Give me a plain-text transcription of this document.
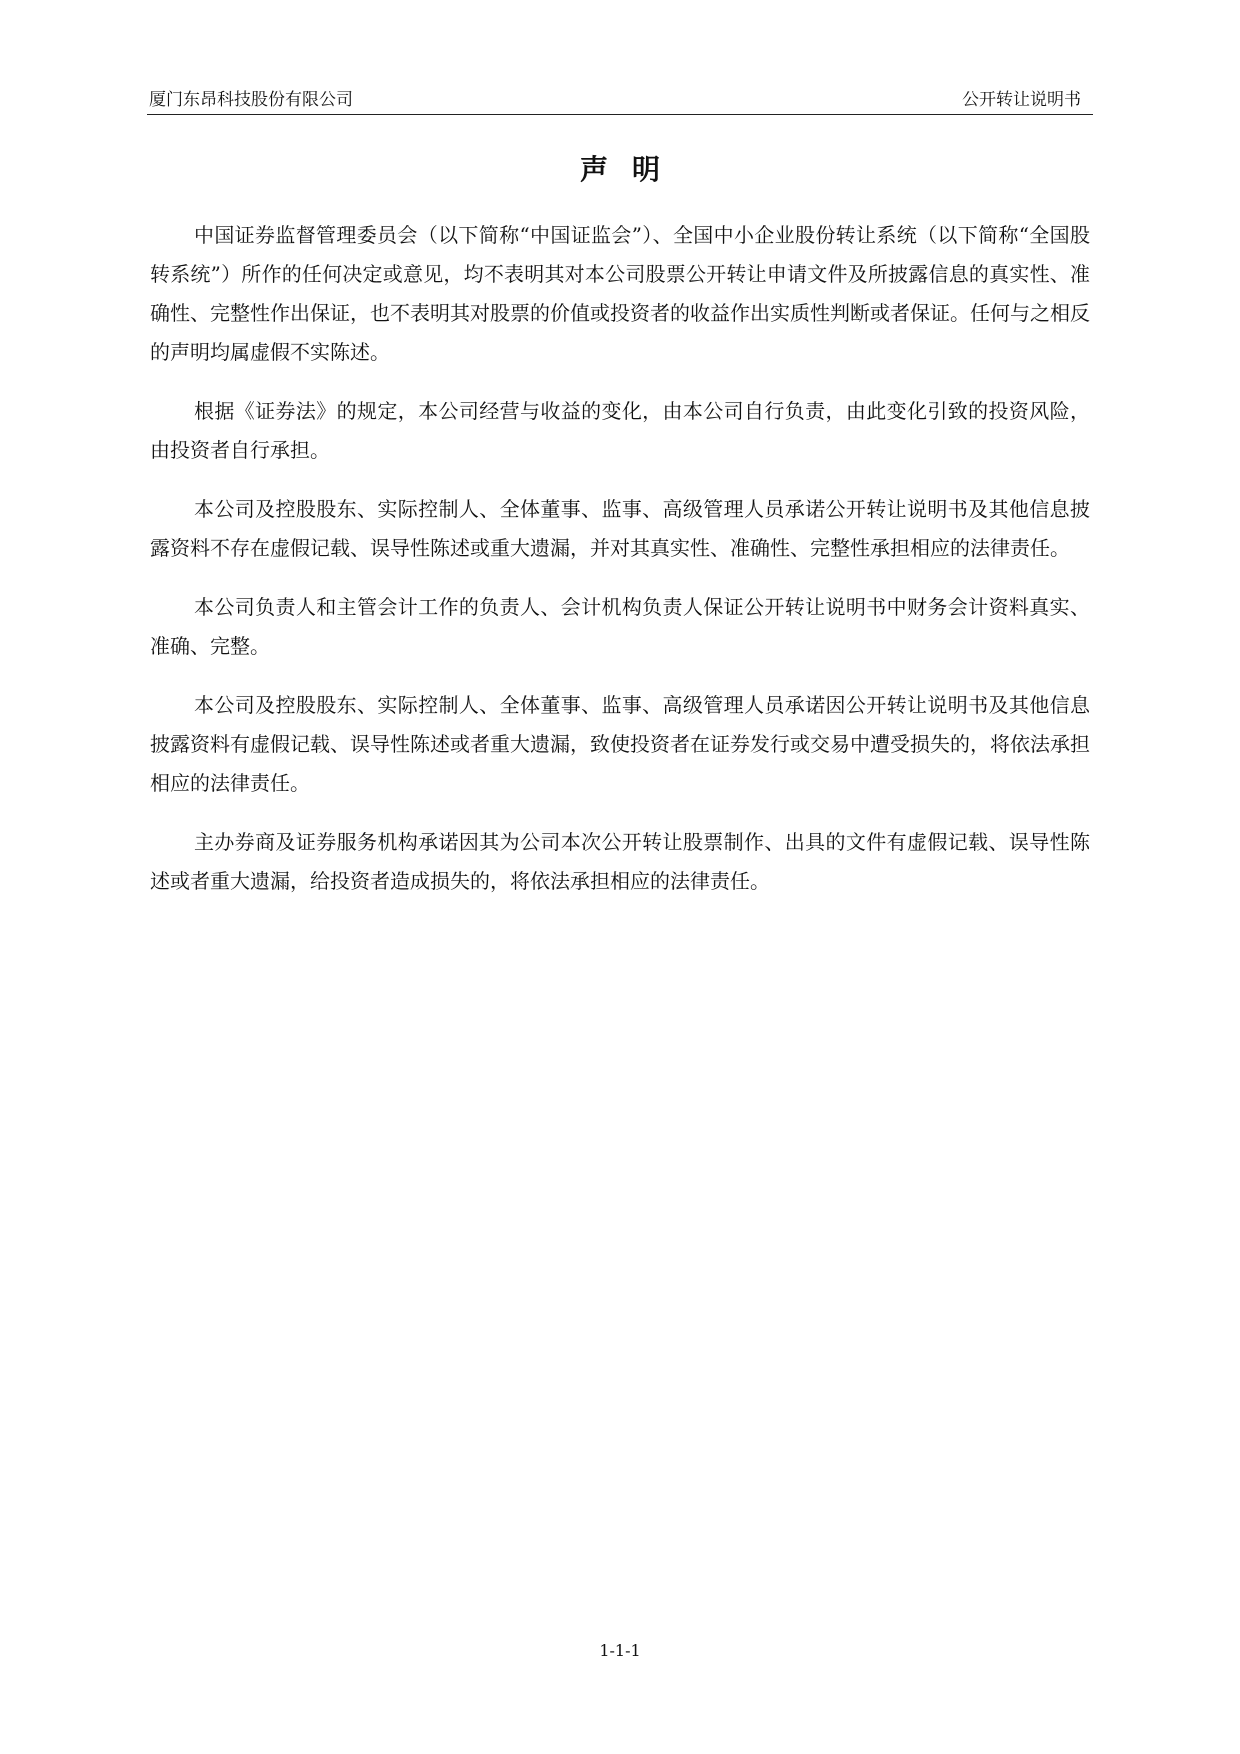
厦门东昂科技股份有限公司	公开转让说明书
声明

中国证券监督管理委员会（以下简称“中国证监会”）、全国中小企业股份转让系统（以下简称“全国股转系统”）所作的任何决定或意见，均不表明其对本公司股票公开转让申请文件及所披露信息的真实性、准确性、完整性作出保证，也不表明其对股票的价值或投资者的收益作出实质性判断或者保证。任何与之相反的声明均属虚假不实陈述。

根据《证券法》的规定，本公司经营与收益的变化，由本公司自行负责，由此变化引致的投资风险，由投资者自行承担。

本公司及控股股东、实际控制人、全体董事、监事、高级管理人员承诺公开转让说明书及其他信息披露资料不存在虚假记载、误导性陈述或重大遗漏，并对其真实性、准确性、完整性承担相应的法律责任。

本公司负责人和主管会计工作的负责人、会计机构负责人保证公开转让说明书中财务会计资料真实、准确、完整。

本公司及控股股东、实际控制人、全体董事、监事、高级管理人员承诺因公开转让说明书及其他信息披露资料有虚假记载、误导性陈述或者重大遗漏，致使投资者在证券发行或交易中遭受损失的，将依法承担相应的法律责任。

主办券商及证券服务机构承诺因其为公司本次公开转让股票制作、出具的文件有虚假记载、误导性陈述或者重大遗漏，给投资者造成损失的，将依法承担相应的法律责任。

1-1-1
